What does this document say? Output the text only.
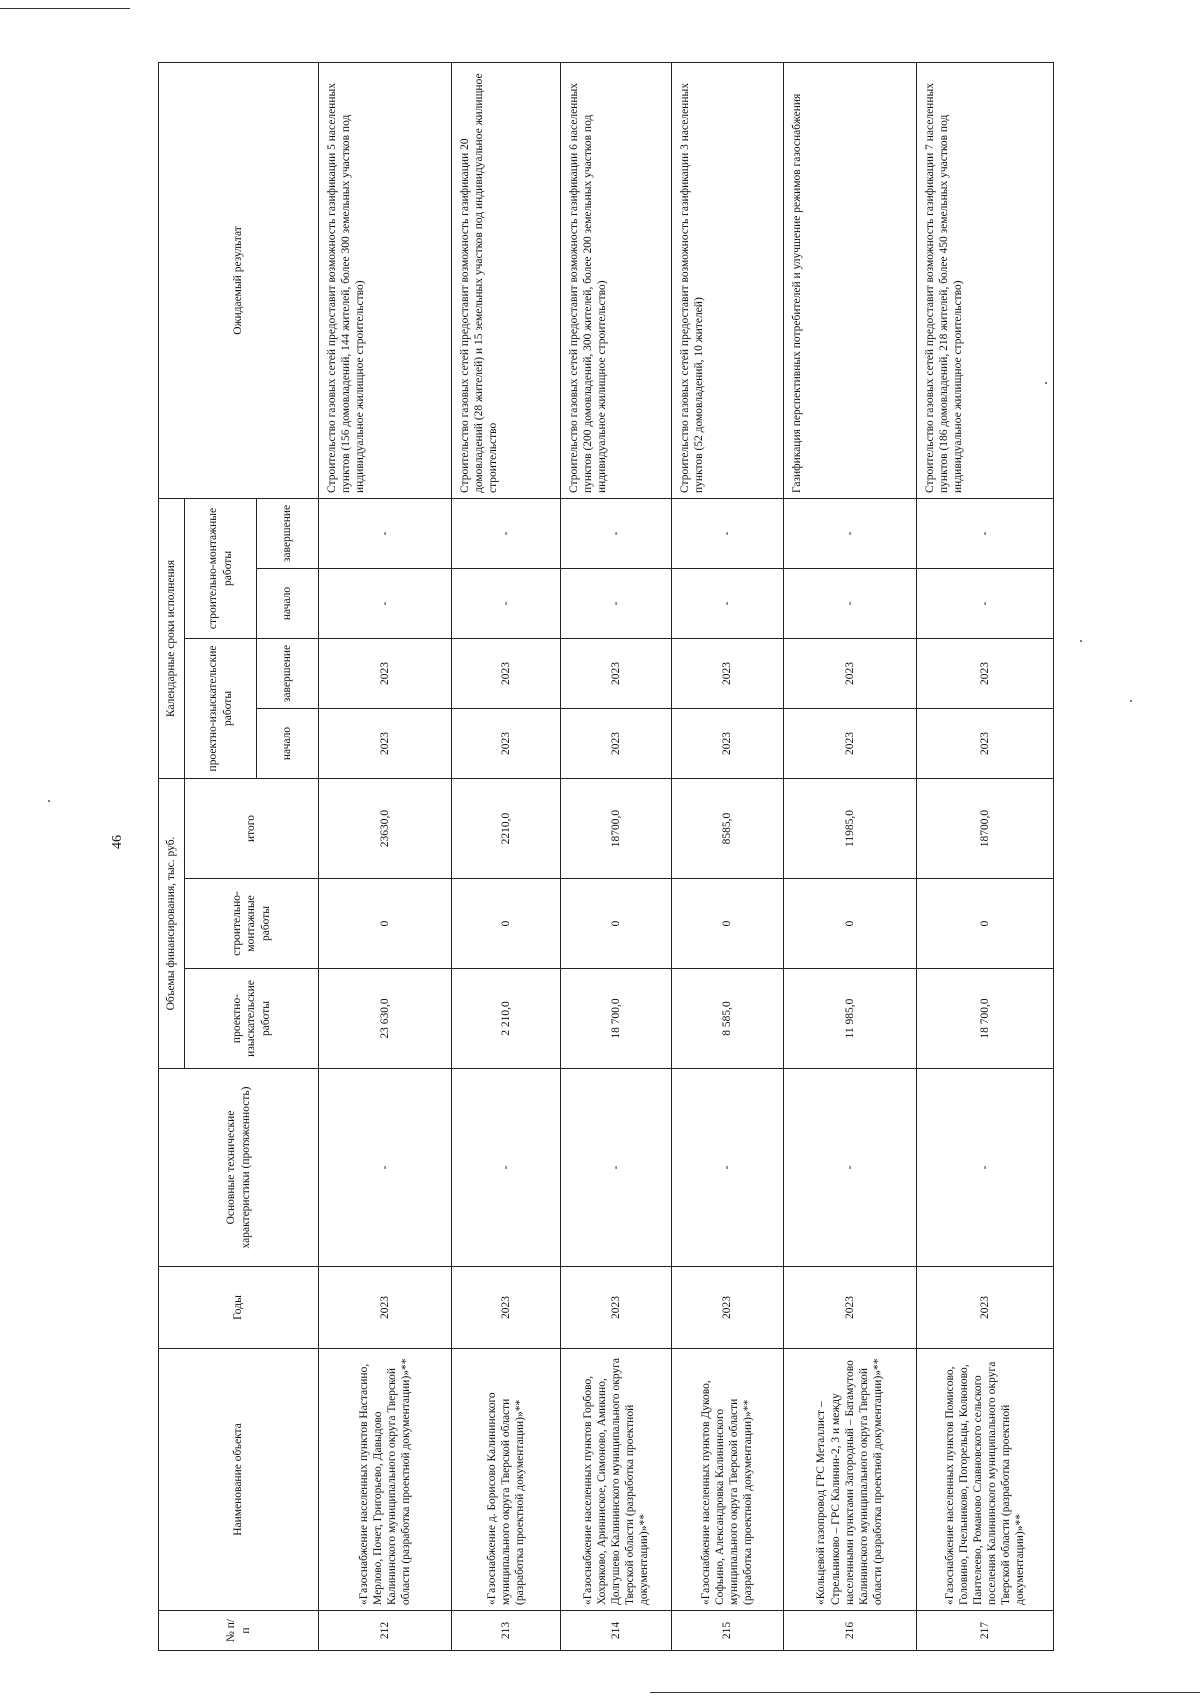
46
№ п/п	Наименование объекта	Годы	Основные технические характеристики (протяженность)	Объемы финансирования, тыс. руб.			Календарные сроки исполнения				Ожидаемый результат
				проектно-изыскательские работы	строительно-монтажные работы	итого	проектно-изыскательские работы		строительно-монтажные работы		
							начало	завершение	начало	завершение	
212	«Газоснабжение населенных пунктов Настасино, Мерлово, Почет, Григорьево, Давыдово Калининского муниципального округа Тверской области (разработка проектной документации)»**	2023	-	23 630,0	0	23630,0	2023	2023	-	-	Строительство газовых сетей предоставит возможность газификации 5 населенных пунктов (156 домовладений, 144 жителей, более 300 земельных участков под индивидуальное жилищное строительство)
213	«Газоснабжение д. Борисово Калининского муниципального округа Тверской области (разработка проектной документации)»**	2023	-	2 210,0	0	2210,0	2023	2023	-	-	Строительство газовых сетей предоставит возможность газификации 20 домовладений (28 жителей) и 15 земельных участков под индивидуальное жилищное строительство
214	«Газоснабжение населенных пунктов Горбово, Хохряково, Аринниское, Симоново, Амикино, Долгушево Калининского муниципального округа Тверской области (разработка проектной документации)»**	2023	-	18 700,0	0	18700,0	2023	2023	-	-	Строительство газовых сетей предоставит возможность газификации 6 населенных пунктов (200 домовладений, 300 жителей, более 200 земельных участков под индивидуальное жилищное строительство)
215	«Газоснабжение населенных пунктов Дуково, Софьино, Александровка Калининского муниципального округа Тверской области (разработка проектной документации)»**	2023	-	8 585,0	0	8585,0	2023	2023	-	-	Строительство газовых сетей предоставит возможность газификации 3 населенных пунктов (52 домовладений, 10 жителей)
216	«Кольцевой газопровод ГРС Металлист – Стрельниково – ГРС Калинин-2, 3 и между населенными пунктами Загородный – Батамутово Калининского муниципального округа Тверской области (разработка проектной документации)»**	2023	-	11 985,0	0	11985,0	2023	2023	-	-	Газификация перспективных потребителей и улучшение режимов газоснабжения
217	«Газоснабжение населенных пунктов Помисово, Головино, Пчельниково, Погорельцы, Колюново, Пантелеево, Романово Славновского сельского поселения Калининского муниципального округа Тверской области (разработка проектной документации)»**	2023	-	18 700,0	0	18700,0	2023	2023	-	-	Строительство газовых сетей предоставит возможность газификации 7 населенных пунктов (186 домовладений, 218 жителей, более 450 земельных участков под индивидуальное жилищное строительство)
